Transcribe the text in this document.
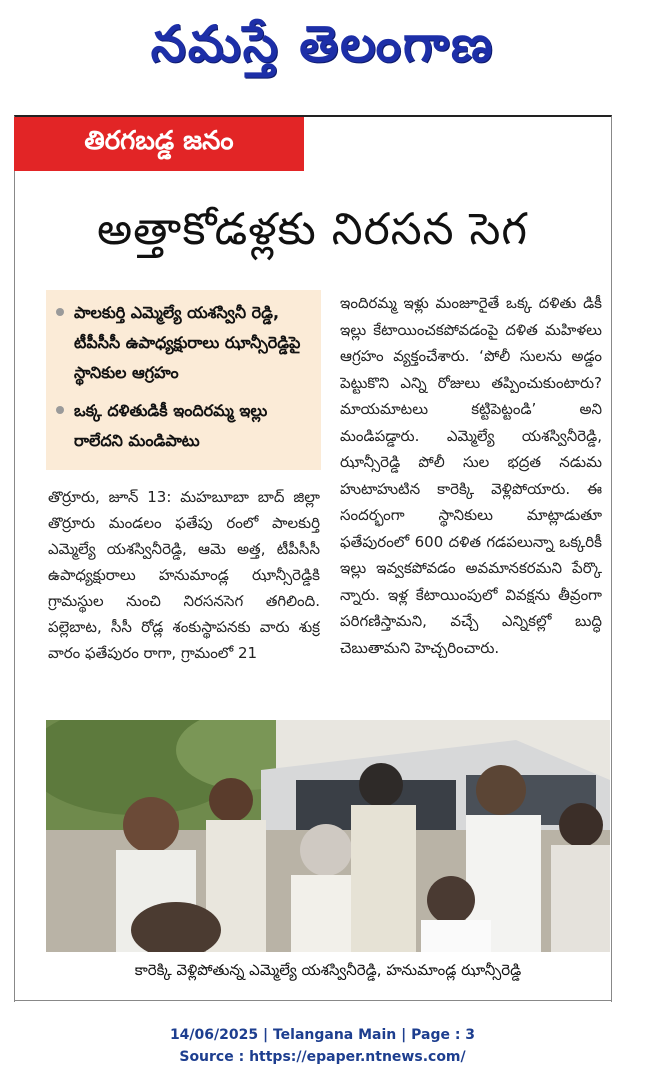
నమస్తే తెలంగాణ
తిరగబడ్డ జనం
అత్తాకోడళ్లకు నిరసన సెగ
పాలకుర్తి ఎమ్మెల్యే యశస్వినీ రెడ్డి, టీపీసీసీ ఉపాధ్యక్షురాలు ఝాన్సీరెడ్డిపై స్థానికుల ఆగ్రహం
ఒక్క దళితుడికీ ఇందిరమ్మ ఇల్లు రాలేదని మండిపాటు
తొర్రూరు, జూన్ 13: మహబూబా బాద్ జిల్లా తొర్రూరు మండలం ఫతేపు రంలో పాలకుర్తి ఎమ్మెల్యే యశస్వినీరెడ్డి, ఆమె అత్త, టీపీసీసీ ఉపాధ్యక్షురాలు హనుమాండ్ల ఝాన్సీరెడ్డికి గ్రామస్థుల నుంచి నిరసనసెగ తగిలింది. పల్లెబాట, సీసీ రోడ్ల శంకుస్థాపనకు వారు శుక్ర వారం ఫతేపురం రాగా, గ్రామంలో 21
ఇందిరమ్మ ఇళ్లు మంజూరైతే ఒక్క దళితు డికీ ఇల్లు కేటాయించకపోవడంపై దళిత మహిళలు ఆగ్రహం వ్యక్తంచేశారు. ‘పోలీ సులను అడ్డం పెట్టుకొని ఎన్ని రోజులు తప్పించుకుంటారు? మాయమాటలు కట్టిపెట్టండి’ అని మండిపడ్డారు. ఎమ్మెల్యే యశస్వినీరెడ్డి, ఝాన్సీరెడ్డి పోలీ సుల భద్రత నడుమ హుటాహుటిన కారెక్కి వెళ్లిపోయారు. ఈ సందర్భంగా స్థానికులు మాట్లాడుతూ ఫతేపురంలో 600 దళిత గడపలున్నా ఒక్కరికీ ఇల్లు ఇవ్వకపోవడం అవమానకరమని పేర్కొ న్నారు. ఇళ్ల కేటాయింపులో వివక్షను తీవ్రంగా పరిగణిస్తామని, వచ్చే ఎన్నికల్లో బుద్ధి చెబుతామని హెచ్చరించారు.
కారెక్కి వెళ్లిపోతున్న ఎమ్మెల్యే యశస్వినీరెడ్డి, హనుమాండ్ల ఝాన్సీరెడ్డి
14/06/2025 | Telangana Main | Page : 3
Source : https://epaper.ntnews.com/
